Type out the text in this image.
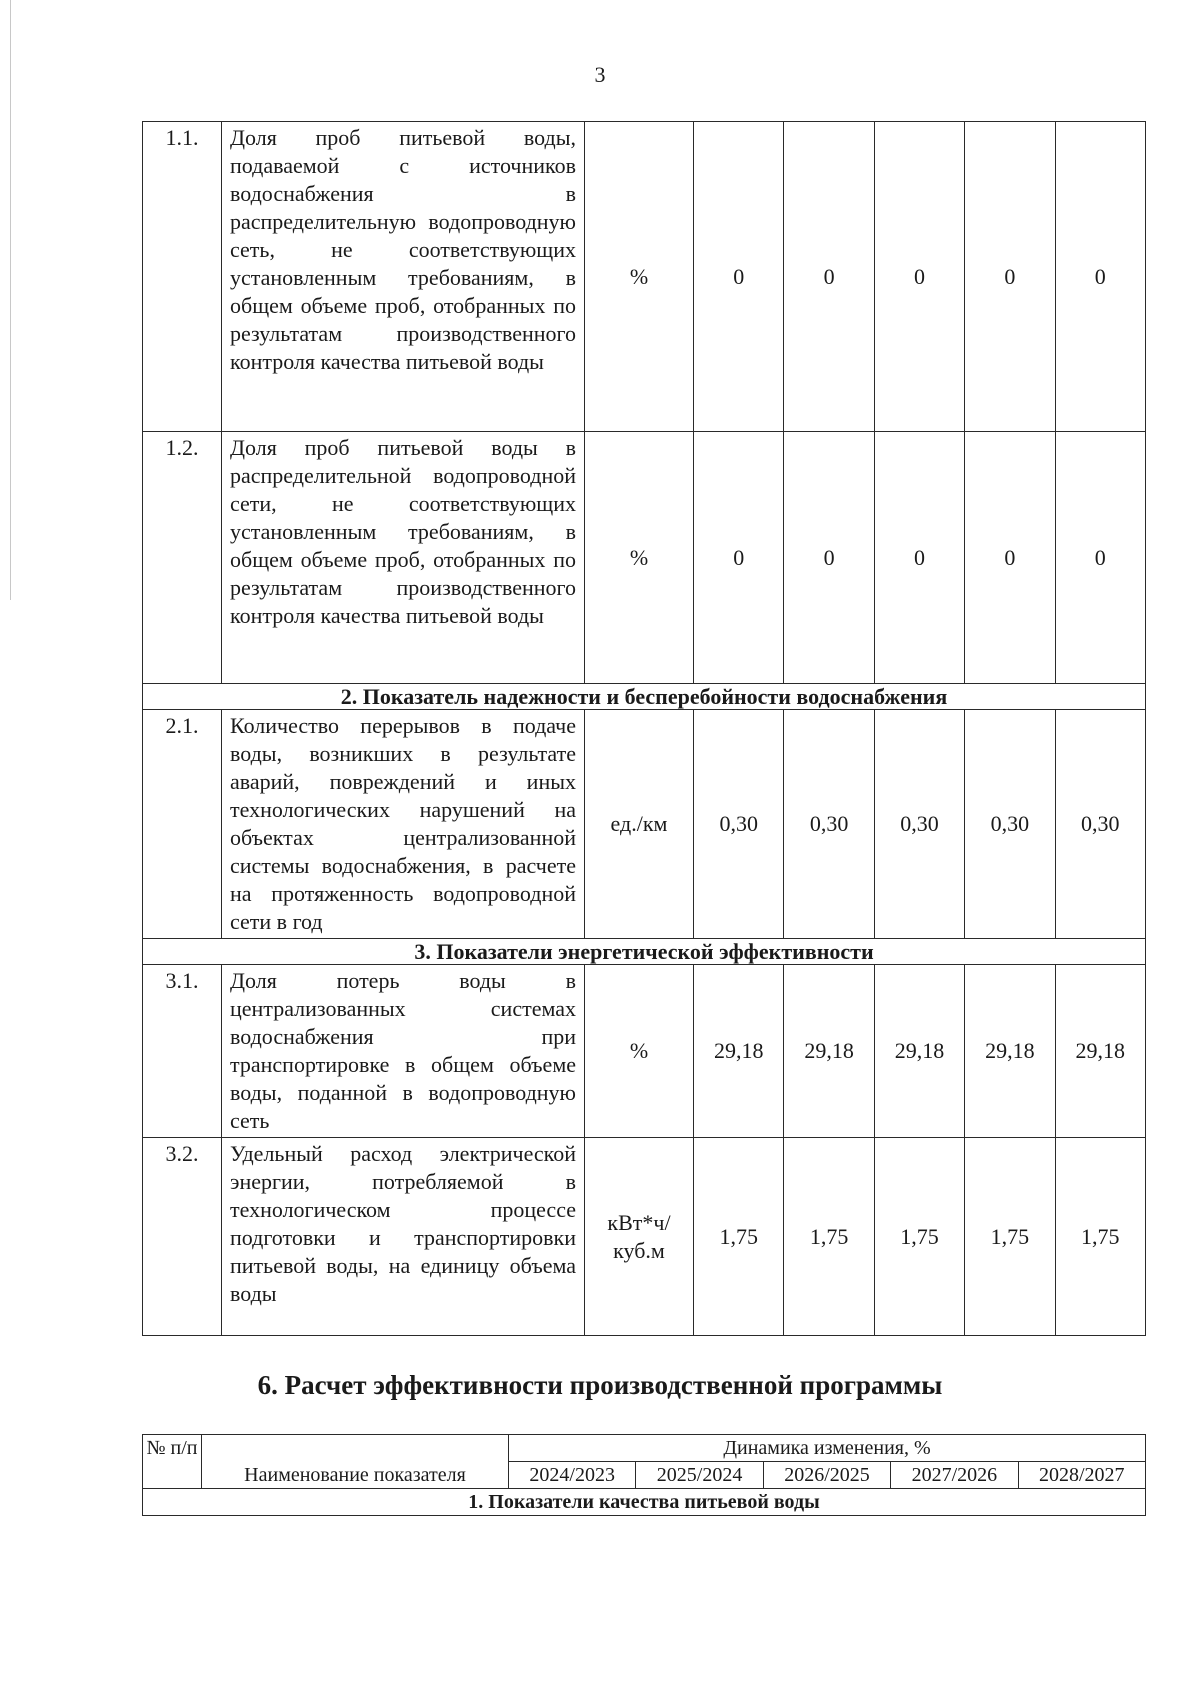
3
1.1.	Доля проб питьевой воды, подаваемой с источников водоснабжения в распределительную водопроводную сеть, не соответствующих установленным требованиям, в общем объеме проб, отобранных по результатам производственного контроля качества питьевой воды	%	0	0	0	0	0
1.2.	Доля проб питьевой воды в распределительной водопроводной сети, не соответствующих установленным требованиям, в общем объеме проб, отобранных по результатам производственного контроля качества питьевой воды	%	0	0	0	0	0
2. Показатель надежности и бесперебойности водоснабжения							
2.1.	Количество перерывов в подаче воды, возникших в результате аварий, повреждений и иных технологических нарушений на объектах централизованной системы водоснабжения, в расчете на протяженность водопроводной сети в год	ед./км	0,30	0,30	0,30	0,30	0,30
3. Показатели энергетической эффективности							
3.1.	Доля потерь воды в централизованных системах водоснабжения при транспортировке в общем объеме воды, поданной в водопроводную сеть	%	29,18	29,18	29,18	29,18	29,18
3.2.	Удельный расход электрической энергии, потребляемой в технологическом процессе подготовки и транспортировки питьевой воды, на единицу объема воды	кВт*ч/ куб.м	1,75	1,75	1,75	1,75	1,75
6. Расчет эффективности производственной программы
№ п/п	Наименование показателя	Динамика изменения, %				
		2024/2023	2025/2024	2026/2025	2027/2026	2028/2027
1. Показатели качества питьевой воды						
